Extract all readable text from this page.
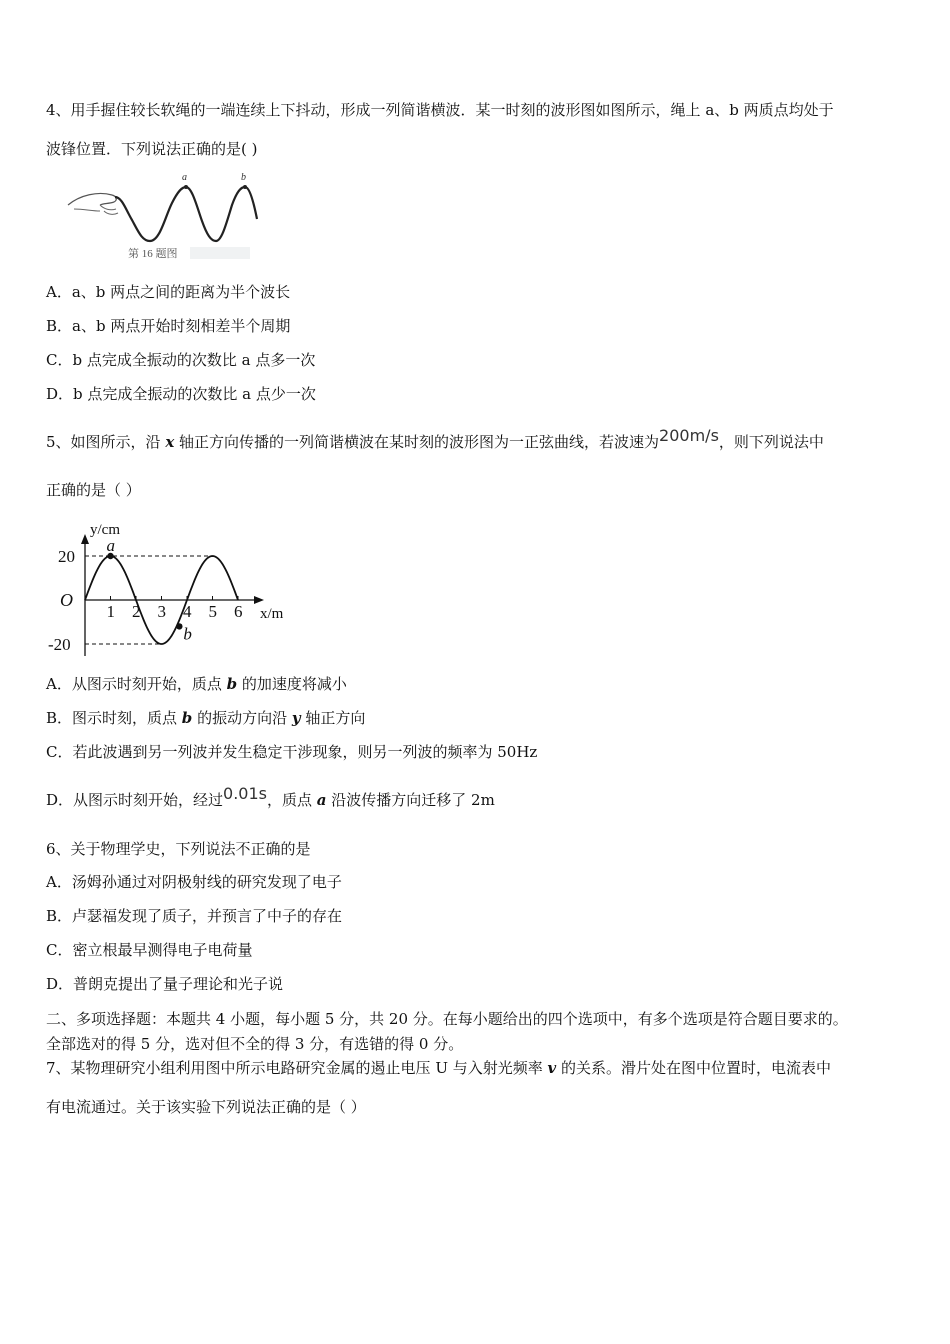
4、用手握住较长软绳的一端连续上下抖动，形成一列简谐横波．某一时刻的波形图如图所示，绳上 a、b 两质点均处于
波锋位置．下列说法正确的是( )
a	b
第 16 题图
A．a、b 两点之间的距离为半个波长
B．a、b 两点开始时刻相差半个周期
C．b 点完成全振动的次数比 a 点多一次
D．b 点完成全振动的次数比 a 点少一次
5、如图所示，沿 x 轴正方向传播的一列简谐横波在某时刻的波形图为一正弦曲线，若波速为200m/s，则下列说法中
正确的是（ ）
1 2 3 4 5 6
20
-20
O
y/cm
x/m
a
b
A．从图示时刻开始，质点 b 的加速度将减小
B．图示时刻，质点 b 的振动方向沿 y 轴正方向
C．若此波遇到另一列波并发生稳定干涉现象，则另一列波的频率为 50Hz
D．从图示时刻开始，经过0.01s，质点 a 沿波传播方向迁移了 2m
6、关于物理学史，下列说法不正确的是
A．汤姆孙通过对阴极射线的研究发现了电子
B．卢瑟福发现了质子，并预言了中子的存在
C．密立根最早测得电子电荷量
D．普朗克提出了量子理论和光子说
二、多项选择题：本题共 4 小题，每小题 5 分，共 20 分。在每小题给出的四个选项中，有多个选项是符合题目要求的。
全部选对的得 5 分，选对但不全的得 3 分，有选错的得 0 分。
7、某物理研究小组利用图中所示电路研究金属的遏止电压 U 与入射光频率 v 的关系。滑片处在图中位置时，电流表中
有电流通过。关于该实验下列说法正确的是（ ）
